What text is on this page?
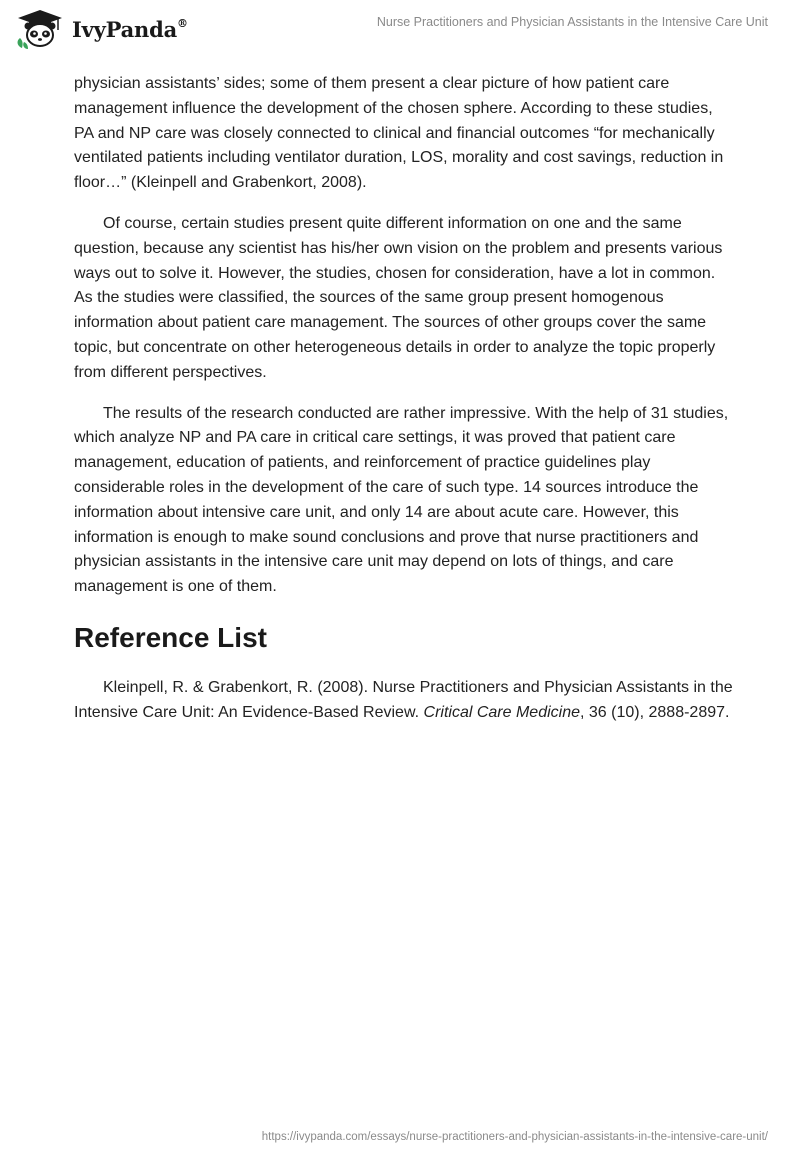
IvyPanda®	Nurse Practitioners and Physician Assistants in the Intensive Care Unit

physician assistants’ sides; some of them present a clear picture of how patient care management influence the development of the chosen sphere. According to these studies, PA and NP care was closely connected to clinical and financial outcomes “for mechanically ventilated patients including ventilator duration, LOS, morality and cost savings, reduction in floor…” (Kleinpell and Grabenkort, 2008).

Of course, certain studies present quite different information on one and the same question, because any scientist has his/her own vision on the problem and presents various ways out to solve it. However, the studies, chosen for consideration, have a lot in common. As the studies were classified, the sources of the same group present homogenous information about patient care management. The sources of other groups cover the same topic, but concentrate on other heterogeneous details in order to analyze the topic properly from different perspectives.

The results of the research conducted are rather impressive. With the help of 31 studies, which analyze NP and PA care in critical care settings, it was proved that patient care management, education of patients, and reinforcement of practice guidelines play considerable roles in the development of the care of such type. 14 sources introduce the information about intensive care unit, and only 14 are about acute care. However, this information is enough to make sound conclusions and prove that nurse practitioners and physician assistants in the intensive care unit may depend on lots of things, and care management is one of them.

Reference List

Kleinpell, R. & Grabenkort, R. (2008). Nurse Practitioners and Physician Assistants in the Intensive Care Unit: An Evidence-Based Review. Critical Care Medicine, 36 (10), 2888-2897.

https://ivypanda.com/essays/nurse-practitioners-and-physician-assistants-in-the-intensive-care-unit/
